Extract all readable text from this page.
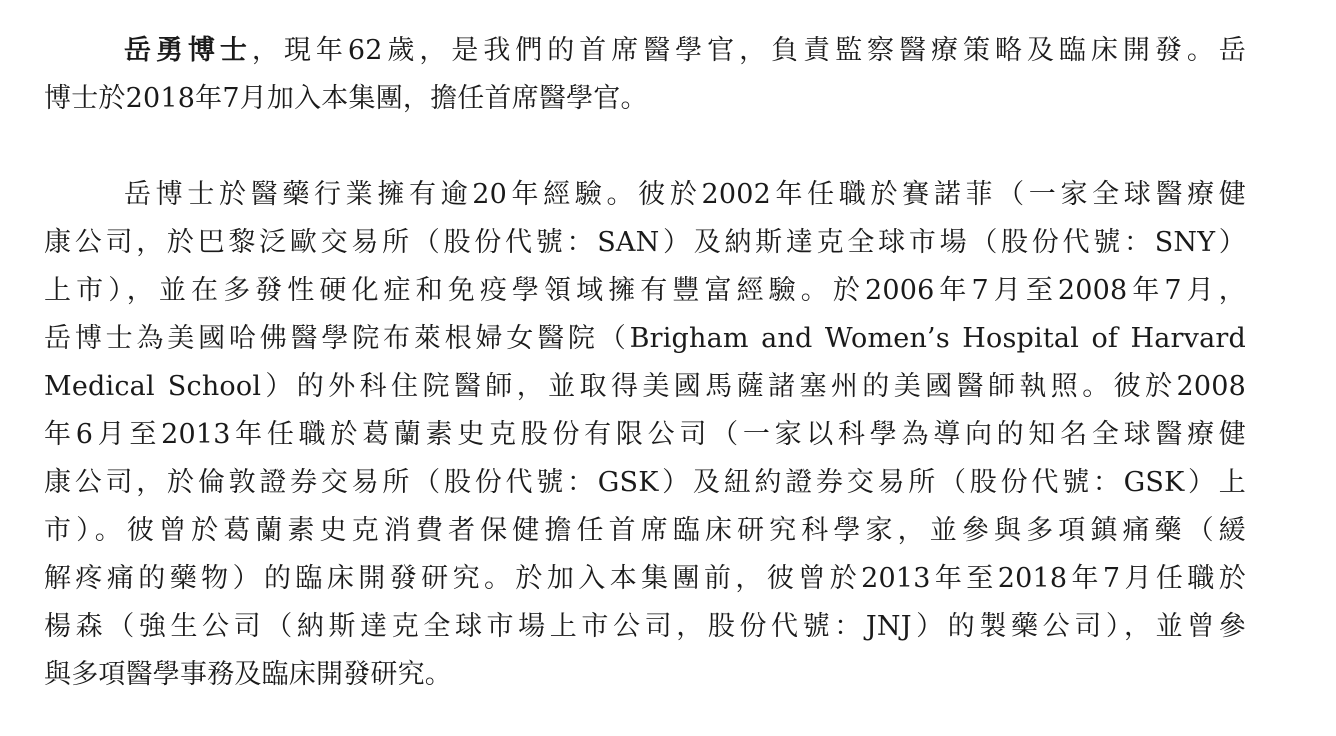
岳勇博士，現年62歲，是我們的首席醫學官，負責監察醫療策略及臨床開發。岳
博士於2018年7月加入本集團，擔任首席醫學官。
岳博士於醫藥行業擁有逾20年經驗。彼於2002年任職於賽諾菲（一家全球醫療健
康公司，於巴黎泛歐交易所（股份代號：SAN）及納斯達克全球市場（股份代號：SNY）
上市），並在多發性硬化症和免疫學領域擁有豐富經驗。於2006年7月至2008年7月，
岳博士為美國哈佛醫學院布萊根婦女醫院（Brigham and Women’s Hospital of Harvard
Medical School）的外科住院醫師，並取得美國馬薩諸塞州的美國醫師執照。彼於2008
年6月至2013年任職於葛蘭素史克股份有限公司（一家以科學為導向的知名全球醫療健
康公司，於倫敦證券交易所（股份代號：GSK）及紐約證券交易所（股份代號：GSK）上
市）。彼曾於葛蘭素史克消費者保健擔任首席臨床研究科學家，並參與多項鎮痛藥（緩
解疼痛的藥物）的臨床開發研究。於加入本集團前，彼曾於2013年至2018年7月任職於
楊森（強生公司（納斯達克全球市場上市公司，股份代號：JNJ）的製藥公司），並曾參
與多項醫學事務及臨床開發研究。
